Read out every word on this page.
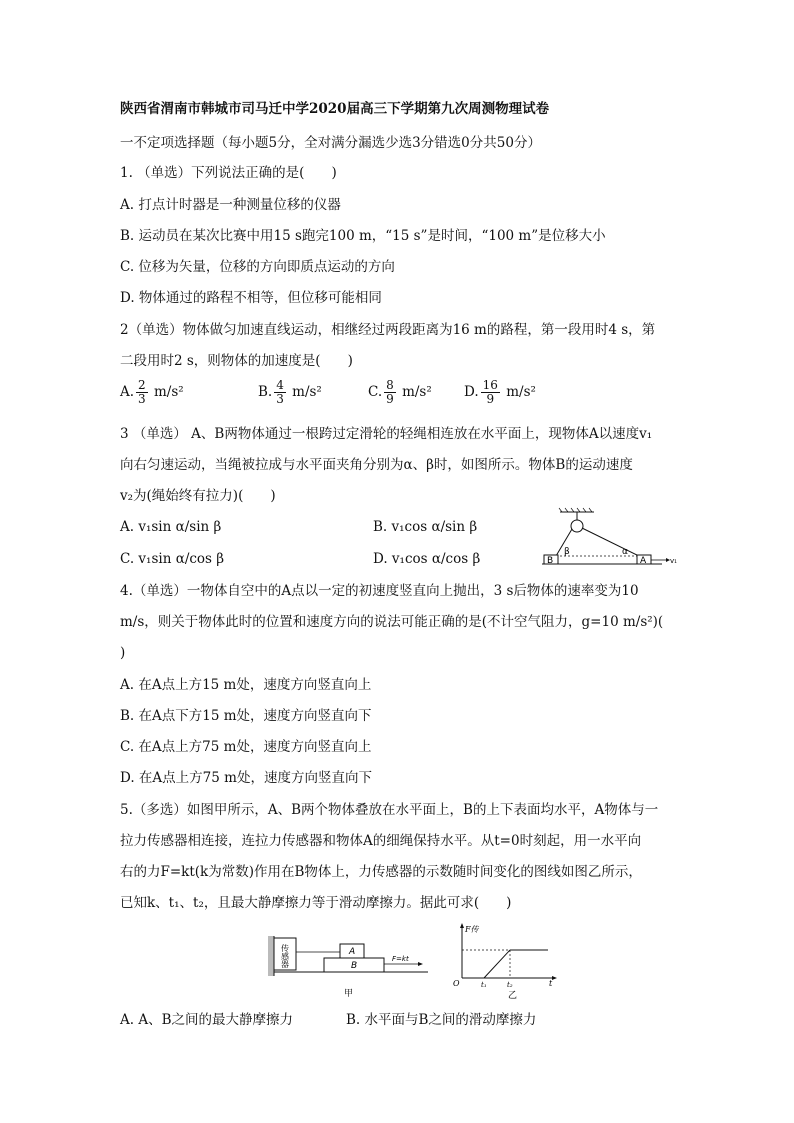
陕西省渭南市韩城市司马迁中学2020届高三下学期第九次周测物理试卷
一不定项选择题（每小题5分，全对满分漏选少选3分错选0分共50分）
1. （单选）下列说法正确的是(　　)
A. 打点计时器是一种测量位移的仪器
B. 运动员在某次比赛中用15 s跑完100 m，“15 s”是时间，“100 m”是位移大小
C. 位移为矢量，位移的方向即质点运动的方向
D. 物体通过的路程不相等，但位移可能相同
2（单选）物体做匀加速直线运动，相继经过两段距离为16 m的路程，第一段用时4 s，第
二段用时2 s，则物体的加速度是(　　)
A. $\frac{2}{3} m/s^2$	B. $\frac{4}{3} m/s^2$	C. $\frac{8}{9} m/s^2$ D. $\frac{16}{9} m/s^2$
3 （单选） A、B两物体通过一根跨过定滑轮的轻绳相连放在水平面上，现物体A以速度v₁
向右匀速运动，当绳被拉成与水平面夹角分别为α、β时，如图所示。物体B的运动速度
v₂为(绳始终有拉力)(　　)
A. v₁sin α/sin β	B. v₁cos α/sin β
C. v₁sin α/cos β	D. v₁cos α/cos β	B	A
β	α
v₁
4.（单选）一物体自空中的A点以一定的初速度竖直向上抛出，3 s后物体的速率变为10
m/s，则关于物体此时的位置和速度方向的说法可能正确的是(不计空气阻力，g=10 m/s²)(
)
A. 在A点上方15 m处，速度方向竖直向上
B. 在A点下方15 m处，速度方向竖直向下
C. 在A点上方75 m处，速度方向竖直向上
D. 在A点上方75 m处，速度方向竖直向下
5.（多选）如图甲所示，A、B两个物体叠放在水平面上，B的上下表面均水平，A物体与一
拉力传感器相连接，连拉力传感器和物体A的细绳保持水平。从t=0时刻起，用一水平向
右的力F=kt(k为常数)作用在B物体上，力传感器的示数随时间变化的图线如图乙所示，
已知k、t₁、t₂，且最大静摩擦力等于滑动摩擦力。据此可求(　　)
传感器	A
B
F=kt
甲
F传
O	t₁	t₂	t
乙
A. A、B之间的最大静摩擦力	B. 水平面与B之间的滑动摩擦力
